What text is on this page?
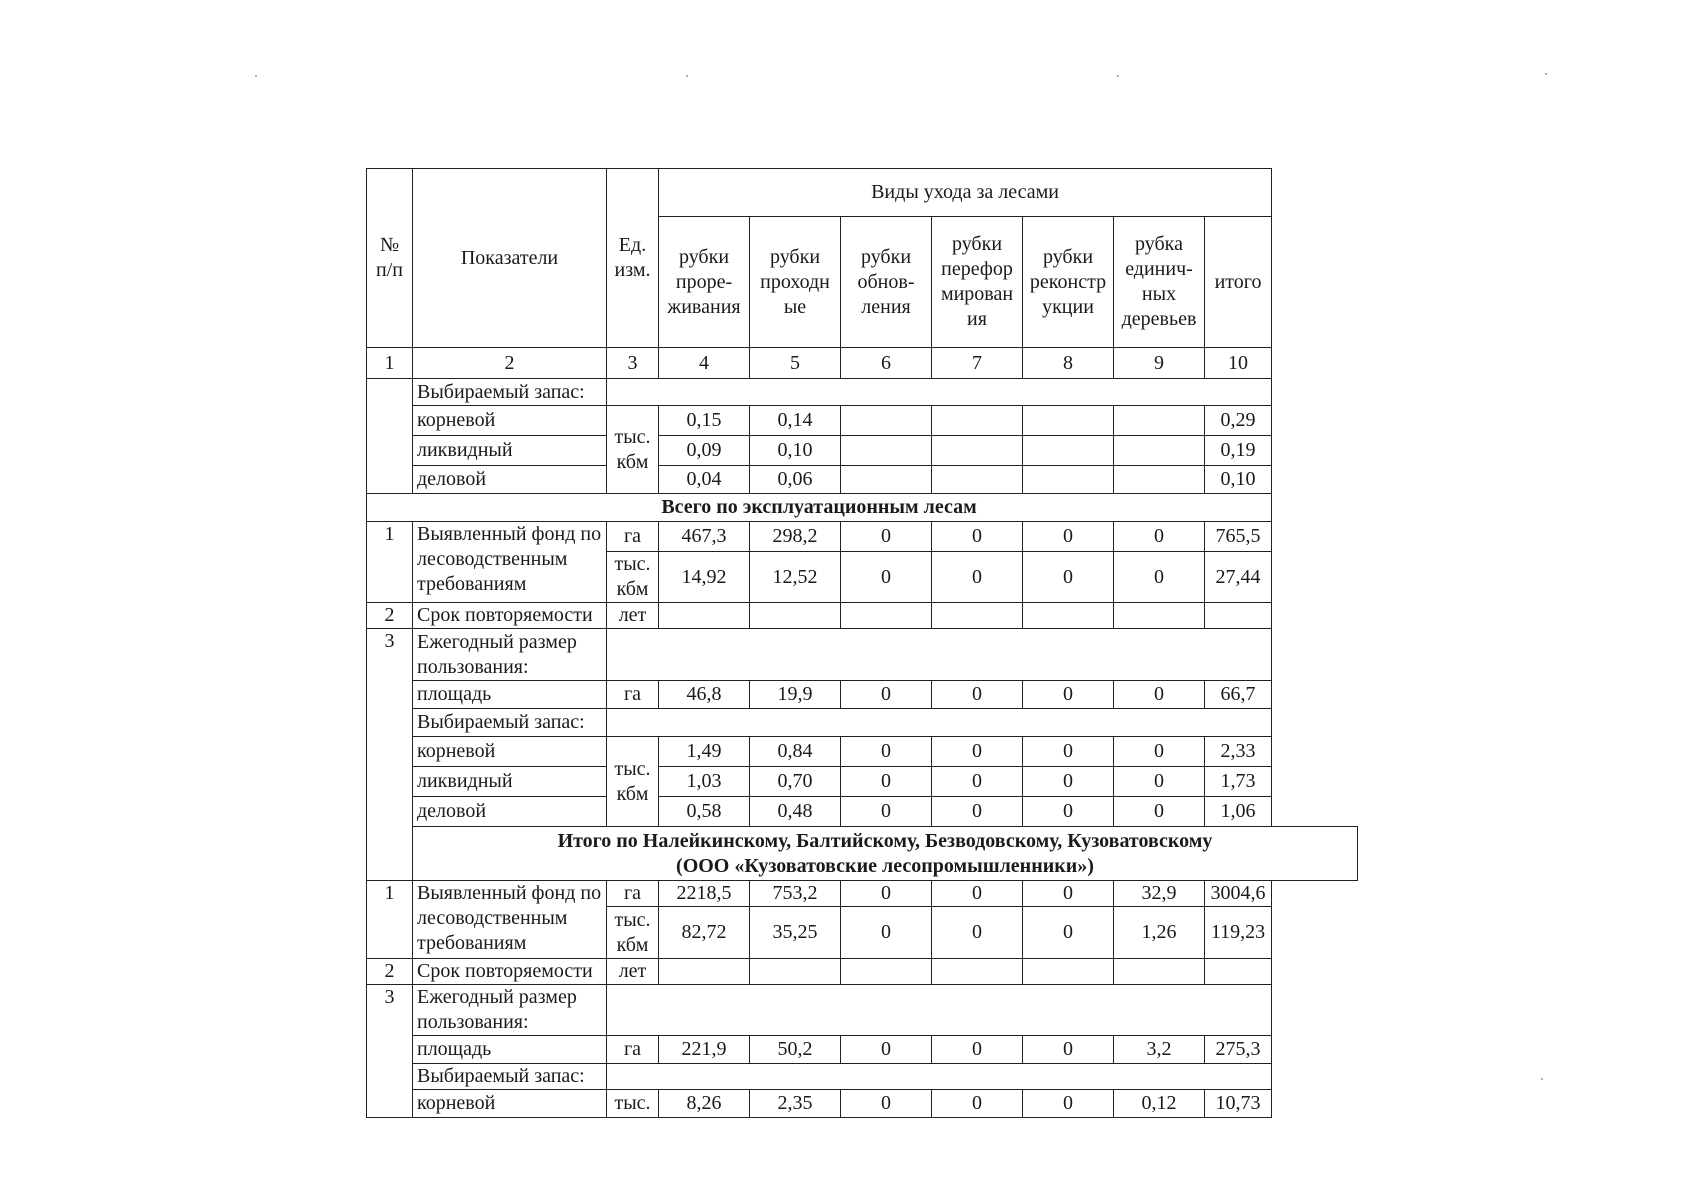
№ п/п	Показатели	Ед. изм.	Виды ухода за лесами						
			рубки прорe-живания	рубки проходн ые	рубки обнов-ления	рубки перефор мирован ия	рубки реконстр укции	рубка единич-ных деревьев	итого
1	2	3	4	5	6	7	8	9	10
	Выбираемый запас:								
	корневой	тыс. кбм	0,15	0,14					0,29
	ликвидный		0,09	0,10					0,19
	деловой		0,04	0,06					0,10
Всего по эксплуатационным лесам									
1	Выявленный фонд по лесоводственным требованиям	га	467,3	298,2	0	0	0	0	765,5
		тыс. кбм	14,92	12,52	0	0	0	0	27,44
2	Срок повторяемости	лет							
3	Ежегодный размер пользования:								
	площадь	га	46,8	19,9	0	0	0	0	66,7
	Выбираемый запас:								
	корневой	тыс. кбм	1,49	0,84	0	0	0	0	2,33
	ликвидный		1,03	0,70	0	0	0	0	1,73
	деловой		0,58	0,48	0	0	0	0	1,06
	Итого по Налейкинскому, Балтийскому, Безводовскому, Кузоватовскому
(ООО «Кузоватовские лесопромышленники»)								
1	Выявленный фонд по лесоводственным требованиям	га	2218,5	753,2	0	0	0	32,9	3004,6
		тыс. кбм	82,72	35,25	0	0	0	1,26	119,23
2	Срок повторяемости	лет							
3	Ежегодный размер пользования:								
	площадь	га	221,9	50,2	0	0	0	3,2	275,3
	Выбираемый запас:								
	корневой	тыс.	8,26	2,35	0	0	0	0,12	10,73
